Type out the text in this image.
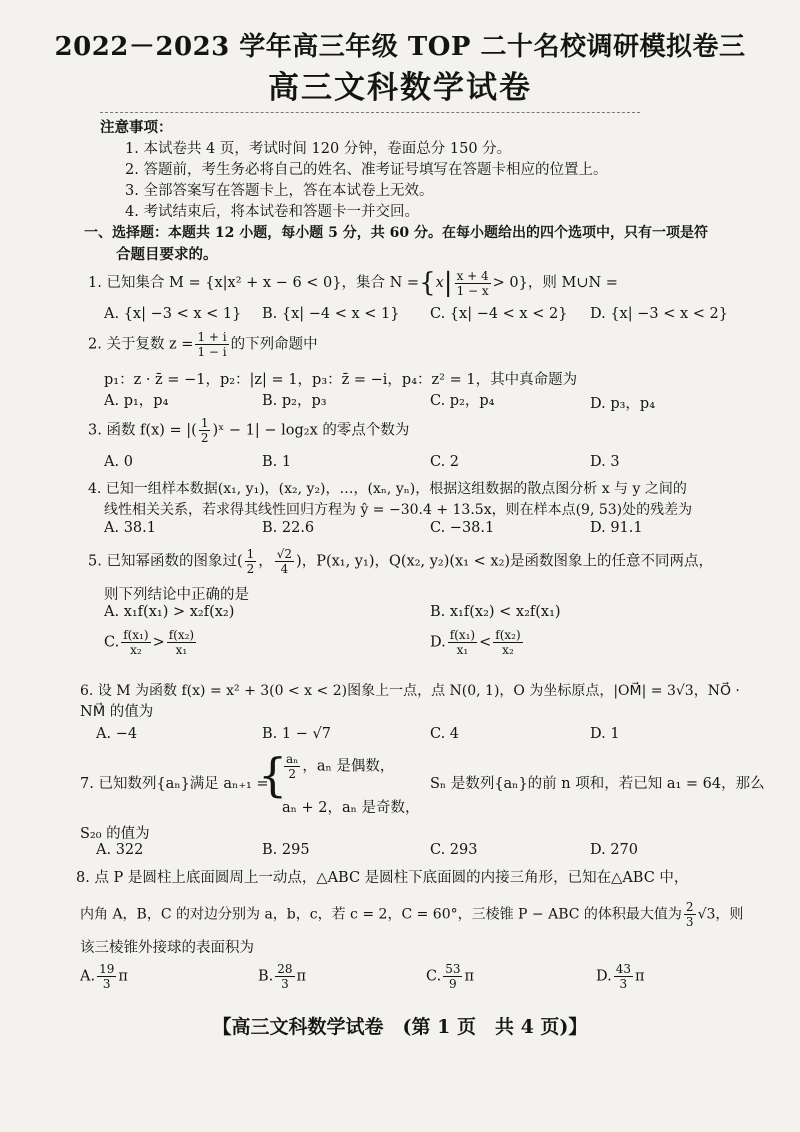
2022－2023 学年高三年级 TOP 二十名校调研模拟卷三
高三文科数学试卷
注意事项：
1. 本试卷共 4 页，考试时间 120 分钟，卷面总分 150 分。
2. 答题前，考生务必将自己的姓名、准考证号填写在答题卡相应的位置上。
3. 全部答案写在答题卡上，答在本试卷上无效。
4. 考试结束后，将本试卷和答题卡一并交回。
一、选择题：本题共 12 小题，每小题 5 分，共 60 分。在每小题给出的四个选项中，只有一项是符
合题目要求的。
1. 已知集合 M = {x|x² + x − 6 < 0}，集合 $N =\{x| \frac{x + 4}{1 - x} > 0\}$，则 M∪N =
A. {x| −3 < x < 1} B. {x| −4 < x < 1} C. {x| −4 < x < 2} D. {x| −3 < x < 2}
2. 关于复数 $z = \frac{1 + i}{1 - i}$ 的下列命题中
p₁：z · z̄ = −1，p₂：|z| = 1，p₃：z̄ = −i，p₄：z² = 1，其中真命题为
A. p₁，p₄	B. p₂，p₃	C. p₂，p₄	D. p₃，p₄
3. 函数 f(x) = |( $\frac{1}{2}$ )ˣ − 1| − log₂x 的零点个数为
A. 0	B. 1	C. 2	D. 3
4. 已知一组样本数据(x₁, y₁)，(x₂, y₂)，…，(xₙ, yₙ)，根据这组数据的散点图分析 x 与 y 之间的
线性相关关系，若求得其线性回归方程为 ŷ = −30.4 + 13.5x，则在样本点(9, 53)处的残差为
A. 38.1	B. 22.6	C. −38.1	D. 91.1
5. 已知幂函数的图象过( $\frac{1}{2}$ ， $\frac{√2}{4}$ )，P(x₁, y₁)，Q(x₂, y₂)(x₁ < x₂)是函数图象上的任意不同两点，
则下列结论中正确的是
A. x₁f(x₁) > x₂f(x₂)	B. x₁f(x₂) < x₂f(x₁)
C. $\frac{\text{f(x₁)}}{\text{x₂}} > \frac{\text{f(x₂)}}{\text{x₁}}$	D. $\frac{\text{f(x₁)}}{\text{x₁}} < \frac{\text{f(x₂)}}{\text{x₂}}$
6. 设 M 为函数 f(x) = x² + 3(0 < x < 2)图象上一点，点 N(0, 1)，O 为坐标原点，|OM⃗| = 3√3，NO⃗ ·
NM⃗ 的值为
A. −4	B. 1 − √7	C. 4	D. 1
7. 已知数列{aₙ}满足 aₙ₊₁ =
{
$\frac{\text{aₙ}}{2}$ ，aₙ 是偶数，
aₙ + 2，aₙ 是奇数，
Sₙ 是数列{aₙ}的前 n 项和，若已知 a₁ = 64，那么
S₂₀ 的值为
A. 322	B. 295	C. 293	D. 270
8. 点 P 是圆柱上底面圆周上一动点，△ABC 是圆柱下底面圆的内接三角形，已知在△ABC 中，
内角 A，B，C 的对边分别为 a，b，c，若 c = 2，C = 60°，三棱锥 P − ABC 的体积最大值为 $\frac{2}{3} √3$，则
该三棱锥外接球的表面积为
A. $\frac{19}{3}$ π	B. $\frac{28}{3}$ π	C. $\frac{53}{9}$ π	D. $\frac{43}{3}$ π
【高三文科数学试卷　(第 1 页　共 4 页)】
